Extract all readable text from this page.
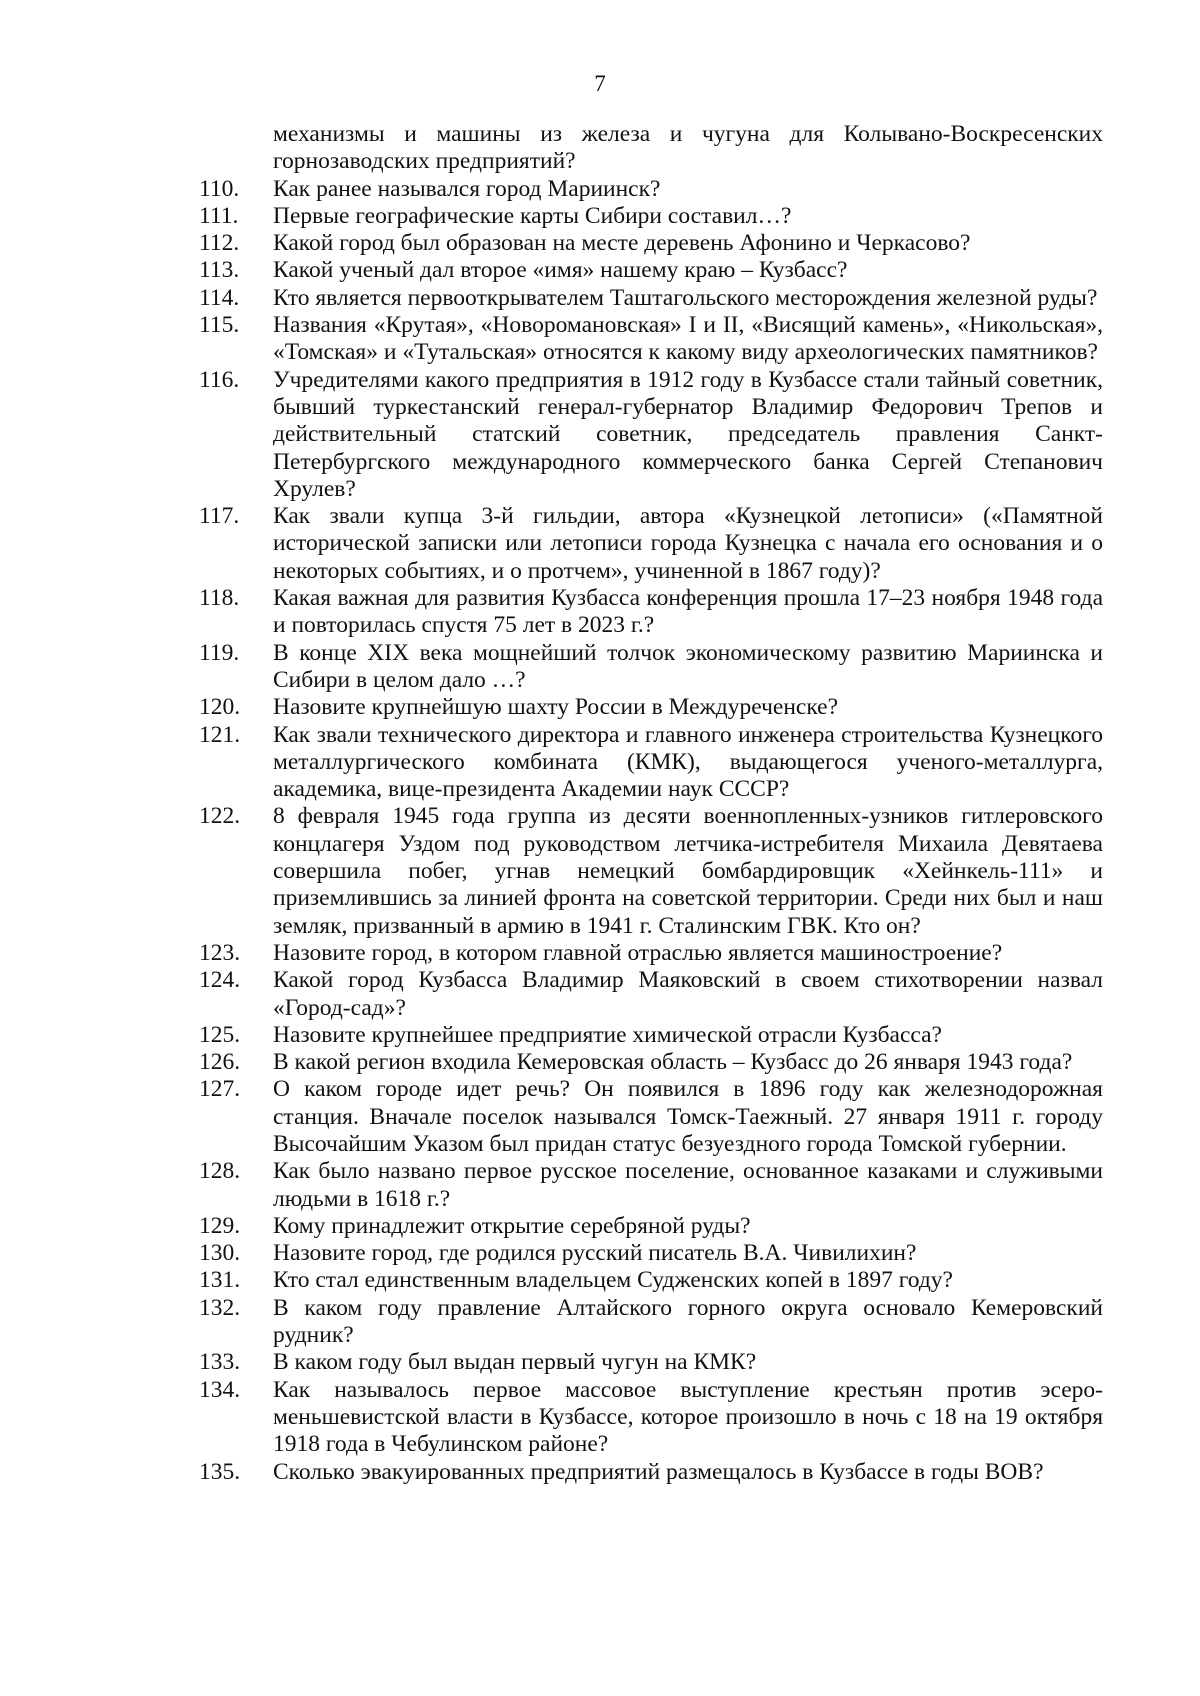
7
механизмы и машины из железа и чугуна для Колывано-Воскресенских горнозаводских предприятий?
110.	Как ранее назывался город Мариинск?
111.	Первые географические карты Сибири составил…?
112.	Какой город был образован на месте деревень Афонино и Черкасово?
113.	Какой ученый дал второе «имя» нашему краю – Кузбасс?
114.	Кто является первооткрывателем Таштагольского месторождения железной руды?
115.	Названия «Крутая», «Новоромановская» I и II, «Висящий камень», «Никольская», «Томская» и «Тутальская» относятся к какому виду археологических памятников?
116.	Учредителями какого предприятия в 1912 году в Кузбассе стали тайный советник, бывший туркестанский генерал-губернатор Владимир Федорович Трепов и действительный статский советник, председатель правления Санкт-Петербургского международного коммерческого банка Сергей Степанович Хрулев?
117.	Как звали купца 3-й гильдии, автора «Кузнецкой летописи» («Памятной исторической записки или летописи города Кузнецка с начала его основания и о некоторых событиях, и о протчем», учиненной в 1867 году)?
118.	Какая важная для развития Кузбасса конференция прошла 17–23 ноября 1948 года и повторилась спустя 75 лет в 2023 г.?
119.	В конце XIX века мощнейший толчок экономическому развитию Мариинска и Сибири в целом дало …?
120.	Назовите крупнейшую шахту России в Междуреченске?
121.	Как звали технического директора и главного инженера строительства Кузнецкого металлургического комбината (КМК), выдающегося ученого-металлурга, академика, вице-президента Академии наук СССР?
122.	8 февраля 1945 года группа из десяти военнопленных-узников гитлеровского концлагеря Уздом под руководством летчика-истребителя Михаила Девятаева совершила побег, угнав немецкий бомбардировщик «Хейнкель-111» и приземлившись за линией фронта на советской территории. Среди них был и наш земляк, призванный в армию в 1941 г. Сталинским ГВК. Кто он?
123.	Назовите город, в котором главной отраслью является машиностроение?
124.	Какой город Кузбасса Владимир Маяковский в своем стихотворении назвал «Город-сад»?
125.	Назовите крупнейшее предприятие химической отрасли Кузбасса?
126.	В какой регион входила Кемеровская область – Кузбасс до 26 января 1943 года?
127.	О каком городе идет речь? Он появился в 1896 году как железнодорожная станция. Вначале поселок назывался Томск-Таежный. 27 января 1911 г. городу Высочайшим Указом был придан статус безуездного города Томской губернии.
128.	Как было названо первое русское поселение, основанное казаками и служивыми людьми в 1618 г.?
129.	Кому принадлежит открытие серебряной руды?
130.	Назовите город, где родился русский писатель В.А. Чивилихин?
131.	Кто стал единственным владельцем Судженских копей в 1897 году?
132.	В каком году правление Алтайского горного округа основало Кемеровский рудник?
133.	В каком году был выдан первый чугун на КМК?
134.	Как называлось первое массовое выступление крестьян против эсеро-меньшевистской власти в Кузбассе, которое произошло в ночь с 18 на 19 октября 1918 года в Чебулинском районе?
135.	Сколько эвакуированных предприятий размещалось в Кузбассе в годы ВОВ?
